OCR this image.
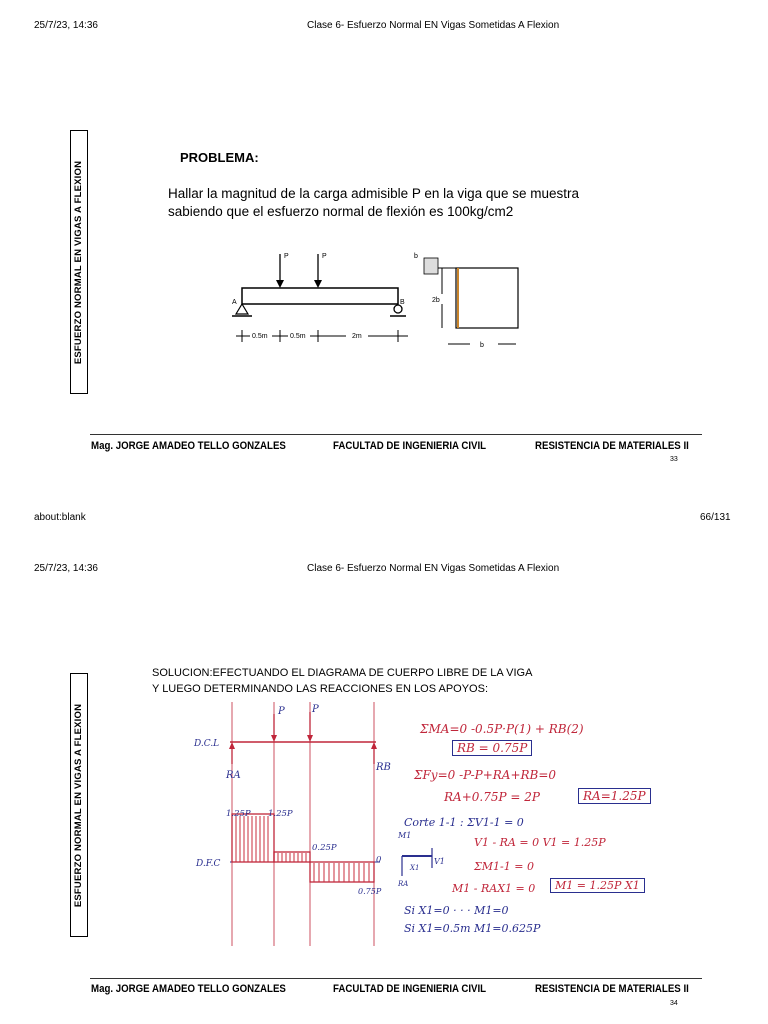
25/7/23, 14:36	Clase 6- Esfuerzo Normal EN Vigas Sometidas A Flexion
ESFUERZO NORMAL EN VIGAS A FLEXION
PROBLEMA:
Hallar la magnitud de la carga admisible P en la viga que se muestra
sabiendo que el esfuerzo normal de flexión es 100kg/cm2
P	P
A	B
0.5m	0.5m	2m
b
2b
b
Mag. JORGE AMADEO TELLO GONZALES	FACULTAD DE INGENIERIA CIVIL	RESISTENCIA DE MATERIALES II
33
about:blank	66/131
25/7/23, 14:36	Clase 6- Esfuerzo Normal EN Vigas Sometidas A Flexion
ESFUERZO NORMAL EN VIGAS A FLEXION
SOLUCION:EFECTUANDO EL DIAGRAMA DE CUERPO LIBRE DE LA VIGA
Y LUEGO DETERMINANDO LAS REACCIONES EN LOS APOYOS:
D.C.L
P	P
RA
RB
D.F.C
1.25P 1.25P
0.25P
0
0.75P
ΣMA=0 -0.5P·P(1) + RB(2)
RB = 0.75P
ΣFy=0 -P-P+RA+RB=0
RA+0.75P = 2P	RA=1.25P
Corte 1-1 : ΣV1-1 = 0
V1 - RA = 0 V1 = 1.25P
ΣM1-1 = 0
M1 - RAX1 = 0	M1 = 1.25P X1
Si X1=0 · · · M1=0
Si X1=0.5m M1=0.625P
M1
V1
X1
RA
Mag. JORGE AMADEO TELLO GONZALES	FACULTAD DE INGENIERIA CIVIL	RESISTENCIA DE MATERIALES II
34
